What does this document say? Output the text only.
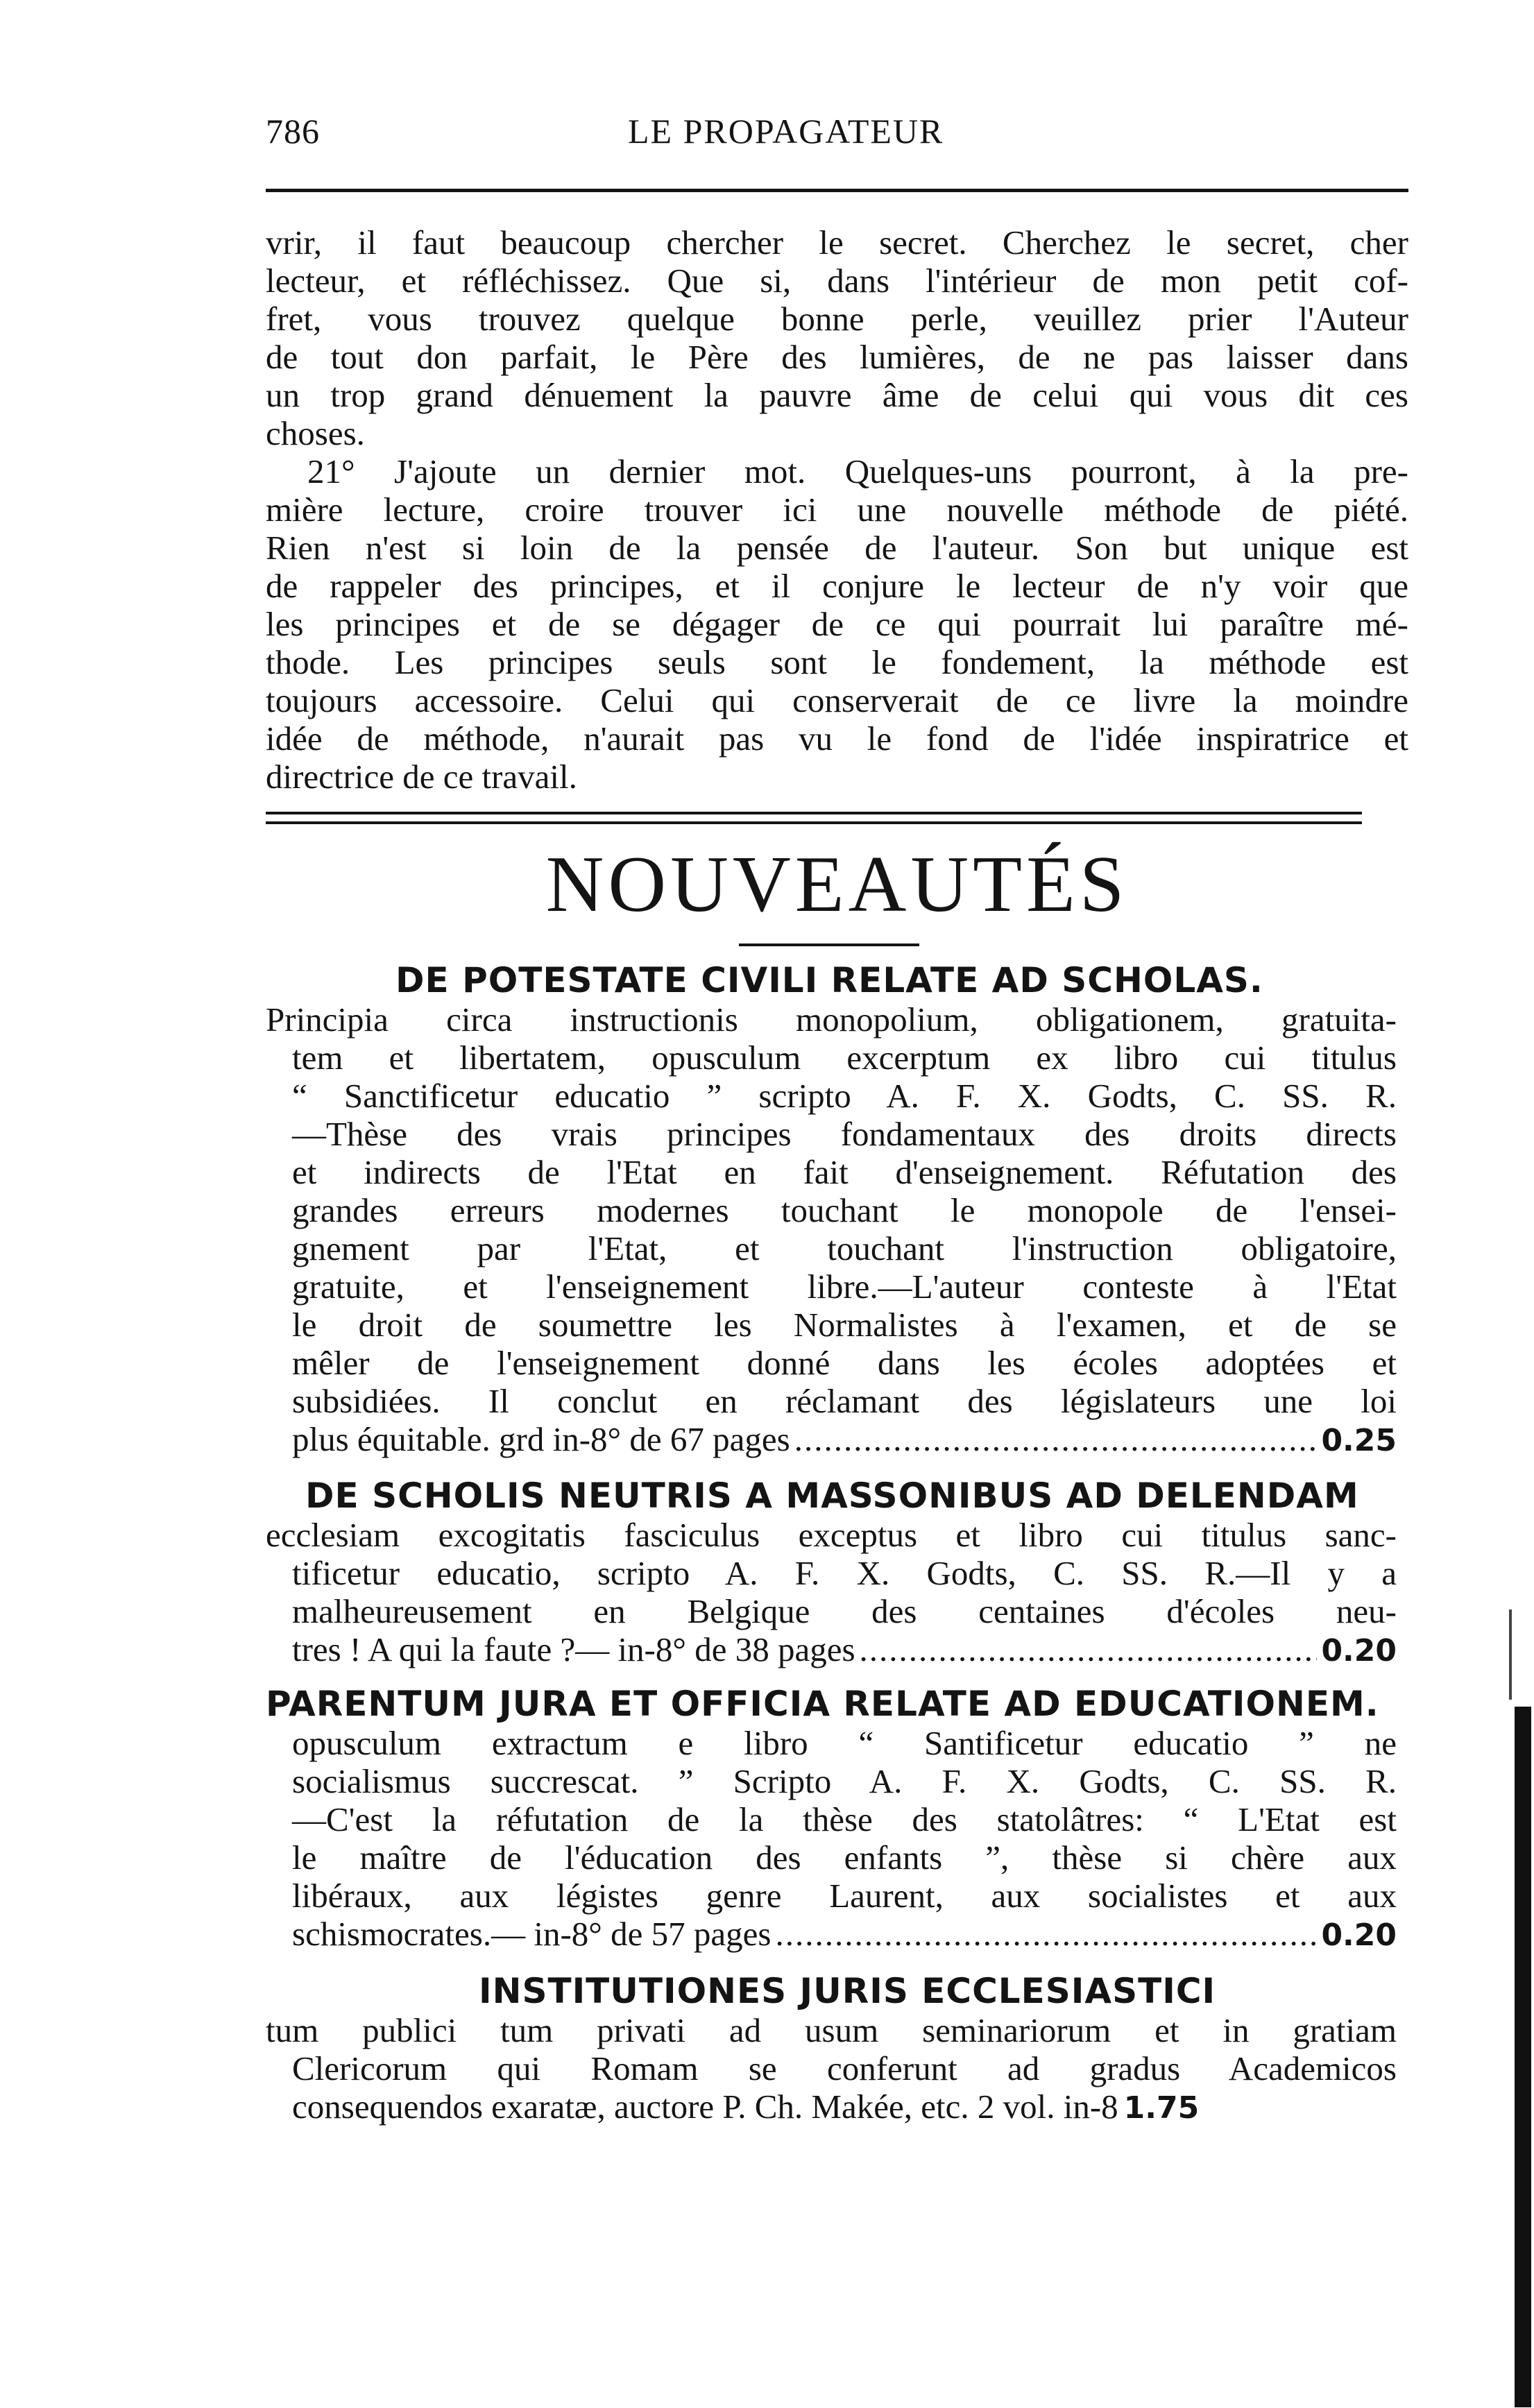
786	LE PROPAGATEUR
vrir, il faut beaucoup chercher le secret. Cherchez le secret, cher
lecteur, et réfléchissez. Que si, dans l'intérieur de mon petit cof-
fret, vous trouvez quelque bonne perle, veuillez prier l'Auteur
de tout don parfait, le Père des lumières, de ne pas laisser dans
un trop grand dénuement la pauvre âme de celui qui vous dit ces
choses.
21° J'ajoute un dernier mot. Quelques-uns pourront, à la pre-
mière lecture, croire trouver ici une nouvelle méthode de piété.
Rien n'est si loin de la pensée de l'auteur. Son but unique est
de rappeler des principes, et il conjure le lecteur de n'y voir que
les principes et de se dégager de ce qui pourrait lui paraître mé-
thode. Les principes seuls sont le fondement, la méthode est
toujours accessoire. Celui qui conserverait de ce livre la moindre
idée de méthode, n'aurait pas vu le fond de l'idée inspiratrice et
directrice de ce travail.
NOUVEAUTÉS
DE POTESTATE CIVILI RELATE AD SCHOLAS.
Principia circa instructionis monopolium, obligationem, gratuita-
tem et libertatem, opusculum excerptum ex libro cui titulus
“ Sanctificetur educatio ” scripto A. F. X. Godts, C. SS. R.
—Thèse des vrais principes fondamentaux des droits directs
et indirects de l'Etat en fait d'enseignement. Réfutation des
grandes erreurs modernes touchant le monopole de l'ensei-
gnement par l'Etat, et touchant l'instruction obligatoire,
gratuite, et l'enseignement libre.—L'auteur conteste à l'Etat
le droit de soumettre les Normalistes à l'examen, et de se
mêler de l'enseignement donné dans les écoles adoptées et
subsidiées. Il conclut en réclamant des législateurs une loi
plus équitable. grd in-8° de 67 pages .....	0.25
DE SCHOLIS NEUTRIS A MASSONIBUS AD DELENDAM
ecclesiam excogitatis fasciculus exceptus et libro cui titulus sanc-
tificetur educatio, scripto A. F. X. Godts, C. SS. R.—Il y a
malheureusement en Belgique des centaines d'écoles neu-
tres ! A qui la faute ?— in-8° de 38 pages .....	0.20
PARENTUM JURA ET OFFICIA RELATE AD EDUCATIONEM.
opusculum extractum e libro “ Santificetur educatio ” ne
socialismus succrescat. ” Scripto A. F. X. Godts, C. SS. R.
—C'est la réfutation de la thèse des statolâtres: “ L'Etat est
le maître de l'éducation des enfants ”, thèse si chère aux
libéraux, aux légistes genre Laurent, aux socialistes et aux
schismocrates.— in-8° de 57 pages .....	0.20
INSTITUTIONES JURIS ECCLESIASTICI
tum publici tum privati ad usum seminariorum et in gratiam
Clericorum qui Romam se conferunt ad gradus Academicos
consequendos exaratæ, auctore P. Ch. Makée, etc. 2 vol. in-8 1.75
